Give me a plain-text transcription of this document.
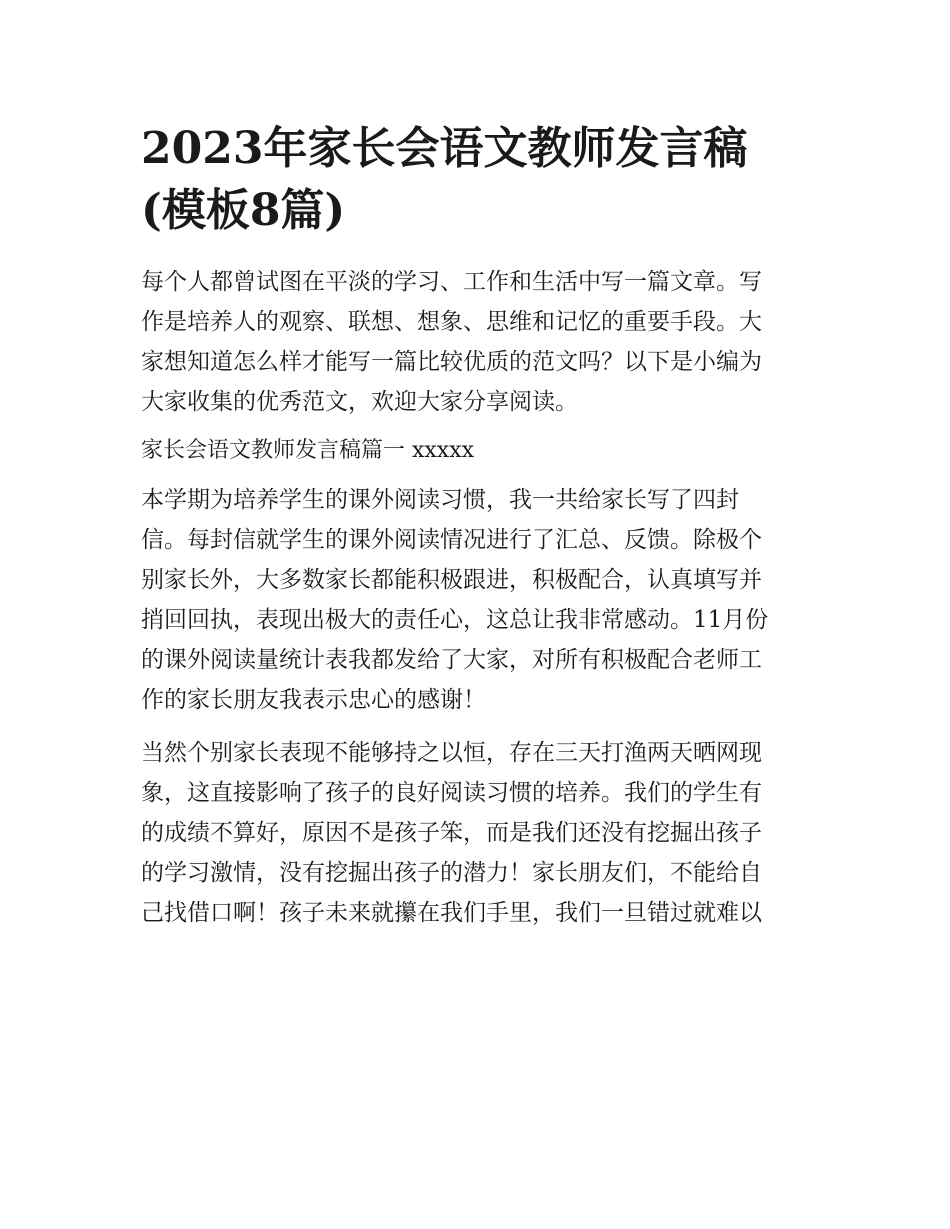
2023年家长会语文教师发言稿
(模板8篇)

每个人都曾试图在平淡的学习、工作和生活中写一篇文章。写
作是培养人的观察、联想、想象、思维和记忆的重要手段。大
家想知道怎么样才能写一篇比较优质的范文吗？以下是小编为
大家收集的优秀范文，欢迎大家分享阅读。

家长会语文教师发言稿篇一 xxxxx

本学期为培养学生的课外阅读习惯，我一共给家长写了四封
信。每封信就学生的课外阅读情况进行了汇总、反馈。除极个
别家长外，大多数家长都能积极跟进，积极配合，认真填写并
捎回回执，表现出极大的责任心，这总让我非常感动。11月份
的课外阅读量统计表我都发给了大家，对所有积极配合老师工
作的家长朋友我表示忠心的感谢！

当然个别家长表现不能够持之以恒，存在三天打渔两天晒网现
象，这直接影响了孩子的良好阅读习惯的培养。我们的学生有
的成绩不算好，原因不是孩子笨，而是我们还没有挖掘出孩子
的学习激情，没有挖掘出孩子的潜力！家长朋友们，不能给自
己找借口啊！孩子未来就攥在我们手里，我们一旦错过就难以
